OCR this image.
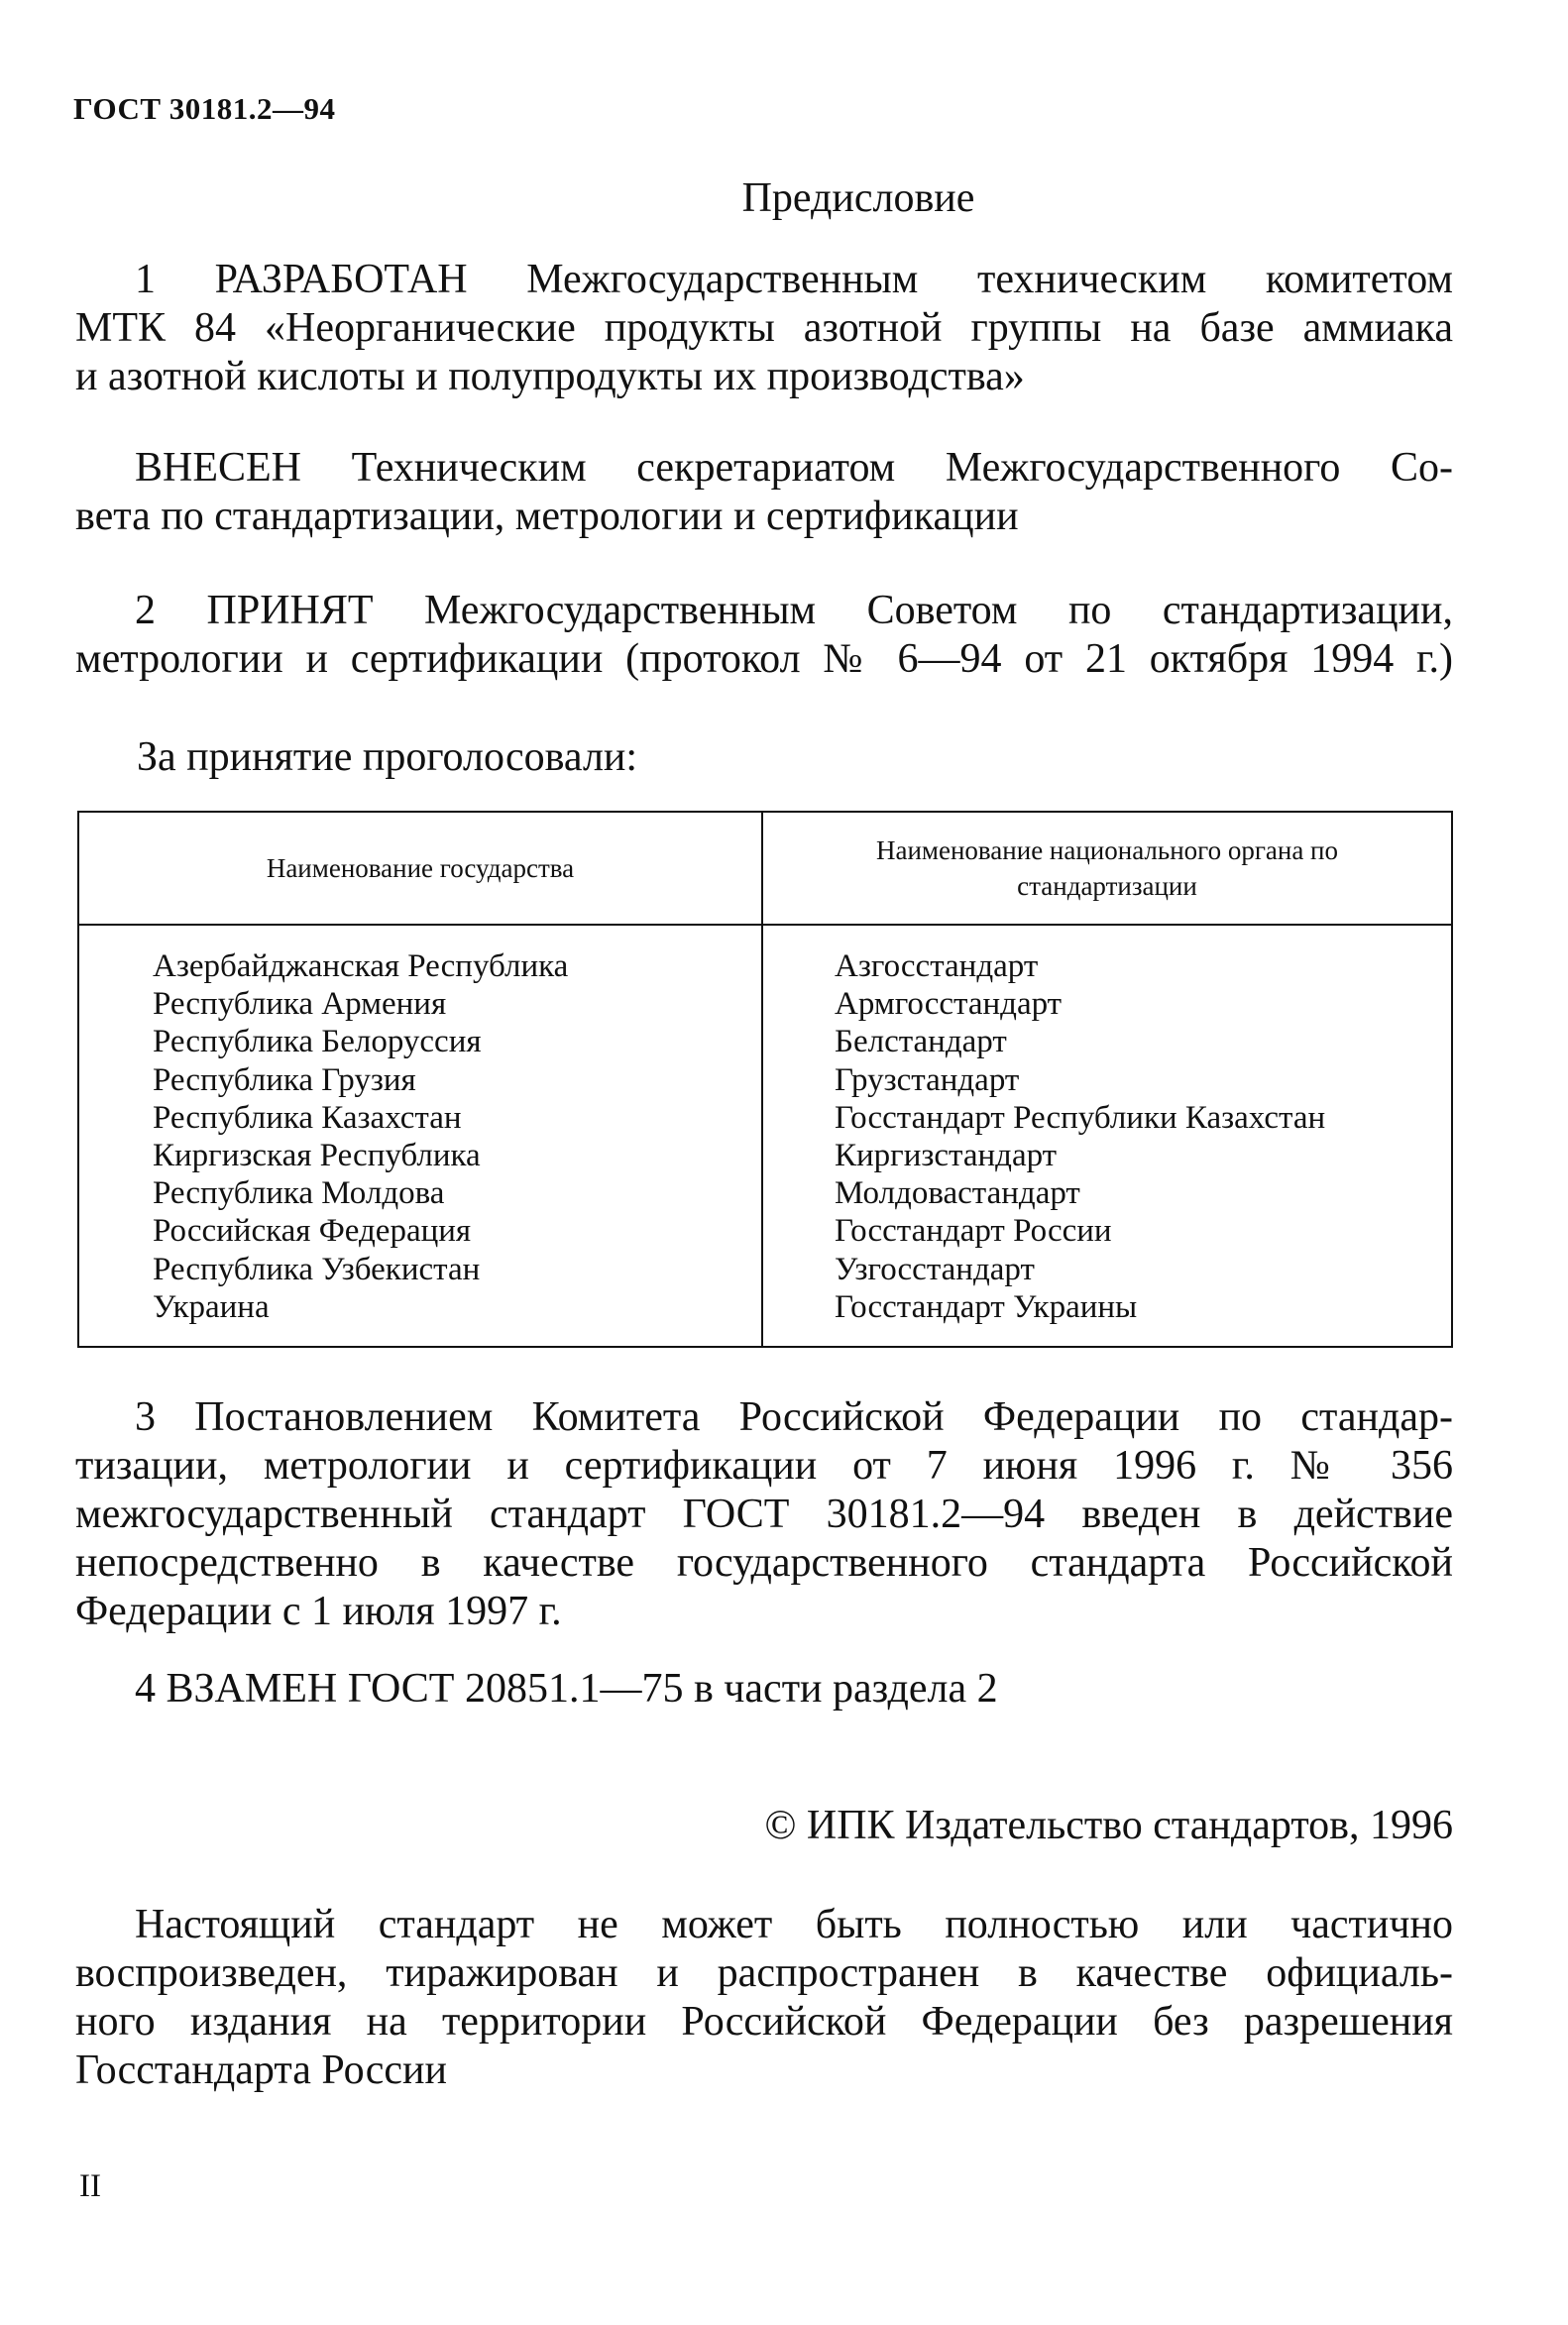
ГОСТ 30181.2—94
Предисловие
1 РАЗРАБОТАН Межгосударственным техническим комитетом
МТК 84 «Неорганические продукты азотной группы на базе аммиака
и азотной кислоты и полупродукты их производства»
ВНЕСЕН Техническим секретариатом Межгосударственного Со-
вета по стандартизации, метрологии и сертификации
2 ПРИНЯТ Межгосударственным Советом по стандартизации,
метрологии и сертификации (протокол № 6—94 от 21 октября 1994 г.)
За принятие проголосовали:
Наименование государства
Наименование национального органа по
стандартизации
Азербайджанская Республика
Республика Армения
Республика Белоруссия
Республика Грузия
Республика Казахстан
Киргизская Республика
Республика Молдова
Российская Федерация
Республика Узбекистан
Украина
Азгосстандарт
Армгосстандарт
Белстандарт
Грузстандарт
Госстандарт Республики Казахстан
Киргизстандарт
Молдовастандарт
Госстандарт России
Узгосстандарт
Госстандарт Украины
3 Постановлением Комитета Российской Федерации по стандар-
тизации, метрологии и сертификации от 7 июня 1996 г. № 356
межгосударственный стандарт ГОСТ 30181.2—94 введен в действие
непосредственно в качестве государственного стандарта Российской
Федерации с 1 июля 1997 г.
4 ВЗАМЕН ГОСТ 20851.1—75 в части раздела 2
© ИПК Издательство стандартов, 1996
Настоящий стандарт не может быть полностью или частично
воспроизведен, тиражирован и распространен в качестве официаль-
ного издания на территории Российской Федерации без разрешения
Госстандарта России
II
